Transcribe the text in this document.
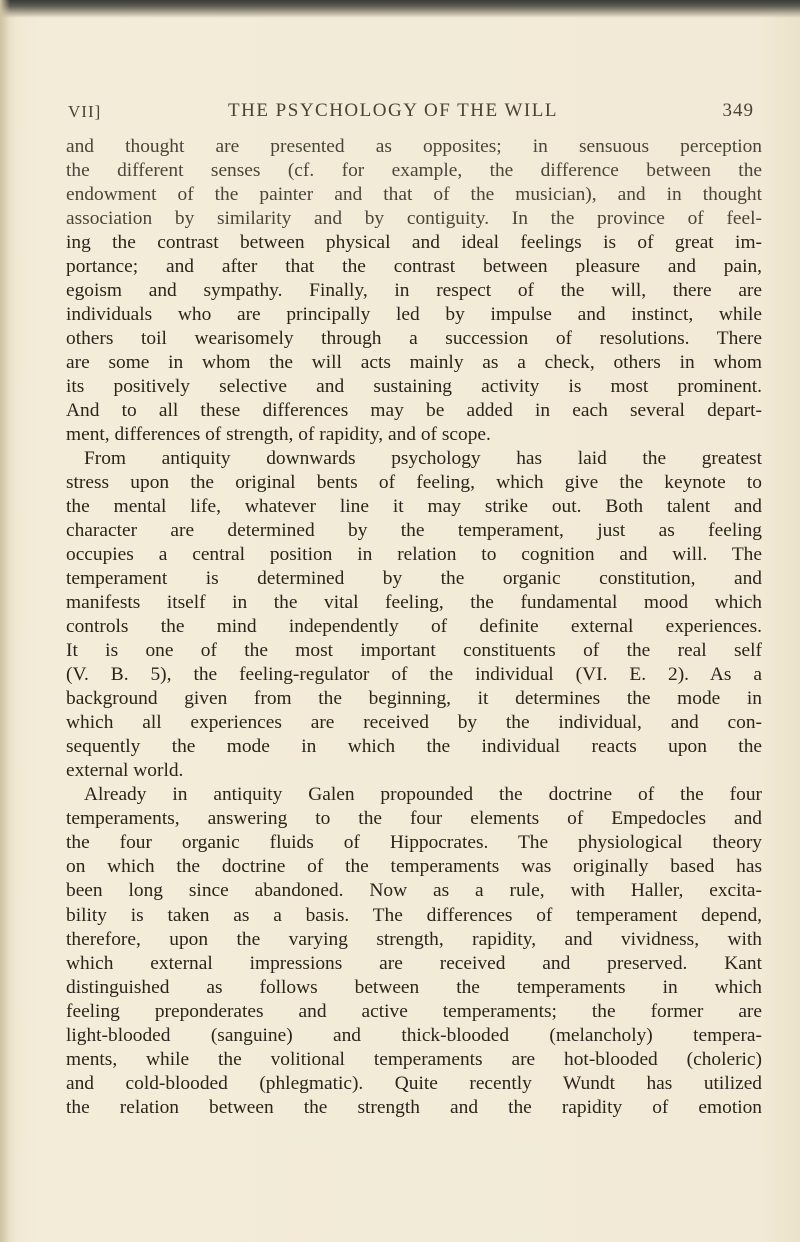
VII]	THE PSYCHOLOGY OF THE WILL	349
and thought are presented as opposites; in sensuous perception
the different senses (cf. for example, the difference between the
endowment of the painter and that of the musician), and in thought
association by similarity and by contiguity. In the province of feel-
ing the contrast between physical and ideal feelings is of great im-
portance; and after that the contrast between pleasure and pain,
egoism and sympathy. Finally, in respect of the will, there are
individuals who are principally led by impulse and instinct, while
others toil wearisomely through a succession of resolutions. There
are some in whom the will acts mainly as a check, others in whom
its positively selective and sustaining activity is most prominent.
And to all these differences may be added in each several depart-
ment, differences of strength, of rapidity, and of scope.
From antiquity downwards psychology has laid the greatest
stress upon the original bents of feeling, which give the keynote to
the mental life, whatever line it may strike out. Both talent and
character are determined by the temperament, just as feeling
occupies a central position in relation to cognition and will. The
temperament is determined by the organic constitution, and
manifests itself in the vital feeling, the fundamental mood which
controls the mind independently of definite external experiences.
It is one of the most important constituents of the real self
(V. B. 5), the feeling-regulator of the individual (VI. E. 2). As a
background given from the beginning, it determines the mode in
which all experiences are received by the individual, and con-
sequently the mode in which the individual reacts upon the
external world.
Already in antiquity Galen propounded the doctrine of the four
temperaments, answering to the four elements of Empedocles and
the four organic fluids of Hippocrates. The physiological theory
on which the doctrine of the temperaments was originally based has
been long since abandoned. Now as a rule, with Haller, excita-
bility is taken as a basis. The differences of temperament depend,
therefore, upon the varying strength, rapidity, and vividness, with
which external impressions are received and preserved. Kant
distinguished as follows between the temperaments in which
feeling preponderates and active temperaments; the former are
light-blooded (sanguine) and thick-blooded (melancholy) tempera-
ments, while the volitional temperaments are hot-blooded (choleric)
and cold-blooded (phlegmatic). Quite recently Wundt has utilized
the relation between the strength and the rapidity of emotion
